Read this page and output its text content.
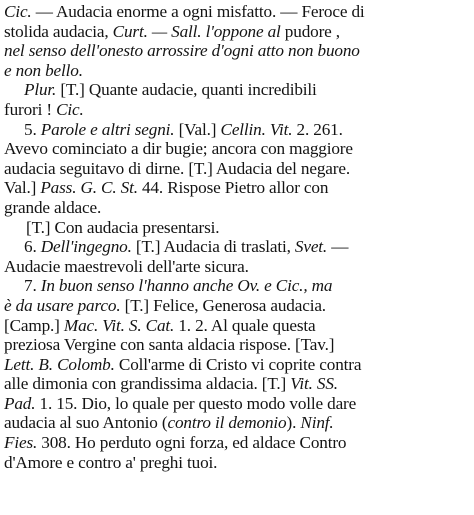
Cic. — Audacia enorme a ogni misfatto. — Feroce di
stolida audacia, Curt. — Sall. l'oppone al pudore ,
nel senso dell'onesto arrossire d'ogni atto non buono
e non bello.
Plur. [T.] Quante audacie, quanti incredibili
furori ! Cic.
5. Parole e altri segni. [Val.] Cellin. Vit. 2. 261.
Avevo cominciato a dir bugie; ancora con maggiore
audacia seguitavo di dirne. [T.] Audacia del negare.
Val.] Pass. G. C. St. 44. Rispose Pietro allor con
grande aldace.
[T.] Con audacia presentarsi.
6. Dell'ingegno. [T.] Audacia di traslati, Svet. —
Audacie maestrevoli dell'arte sicura.
7. In buon senso l'hanno anche Ov. e Cic., ma
è da usare parco. [T.] Felice, Generosa audacia.
[Camp.] Mac. Vit. S. Cat. 1. 2. Al quale questa
preziosa Vergine con santa aldacia rispose. [Tav.]
Lett. B. Colomb. Coll'arme di Cristo vi coprite contra
alle dimonia con grandissima aldacia. [T.] Vit. SS.
Pad. 1. 15. Dio, lo quale per questo modo volle dare
audacia al suo Antonio (contro il demonio). Ninf.
Fies. 308. Ho perduto ogni forza, ed aldace Contro
d'Amore e contro a' preghi tuoi.
